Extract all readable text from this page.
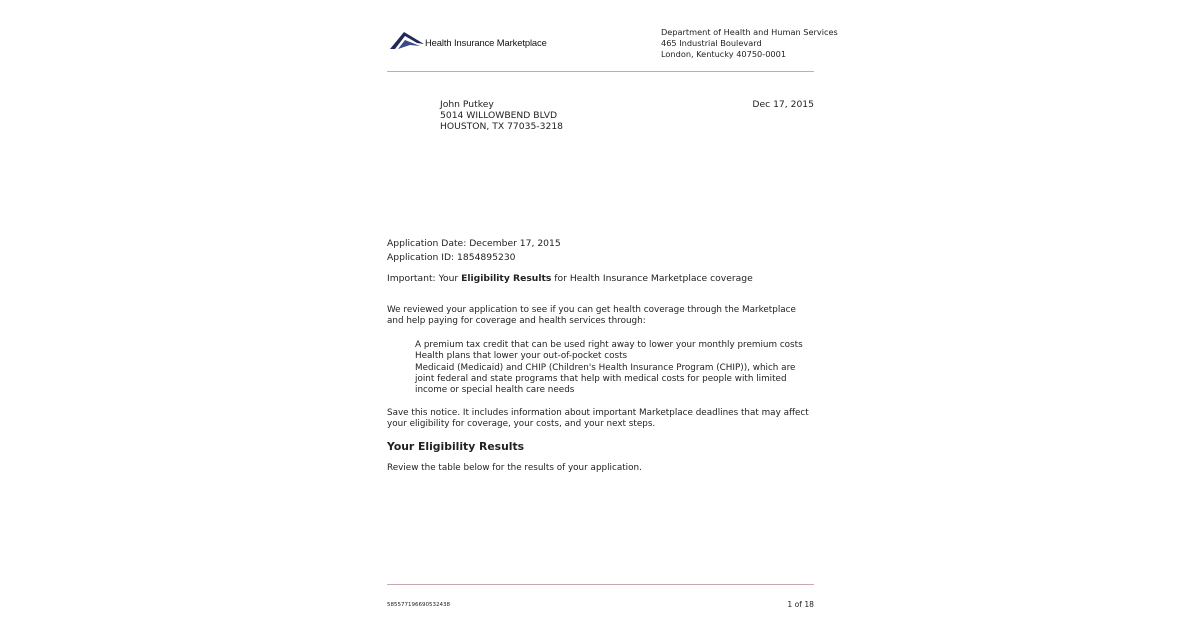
Health Insurance Marketplace
Department of Health and Human Services
465 Industrial Boulevard
London, Kentucky 40750-0001
John Putkey
5014 WILLOWBEND BLVD
HOUSTON, TX 77035-3218
Dec 17, 2015
Application Date: December 17, 2015
Application ID: 1854895230
Important: Your Eligibility Results for Health Insurance Marketplace coverage
We reviewed your application to see if you can get health coverage through the Marketplace and help paying for coverage and health services through:
A premium tax credit that can be used right away to lower your monthly premium costs
Health plans that lower your out-of-pocket costs
Medicaid (Medicaid) and CHIP (Children's Health Insurance Program (CHIP)), which are joint federal and state programs that help with medical costs for people with limited income or special health care needs
Save this notice. It includes information about important Marketplace deadlines that may affect your eligibility for coverage, your costs, and your next steps.
Your Eligibility Results
Review the table below for the results of your application.
5855771966905324​38	1 of 18
